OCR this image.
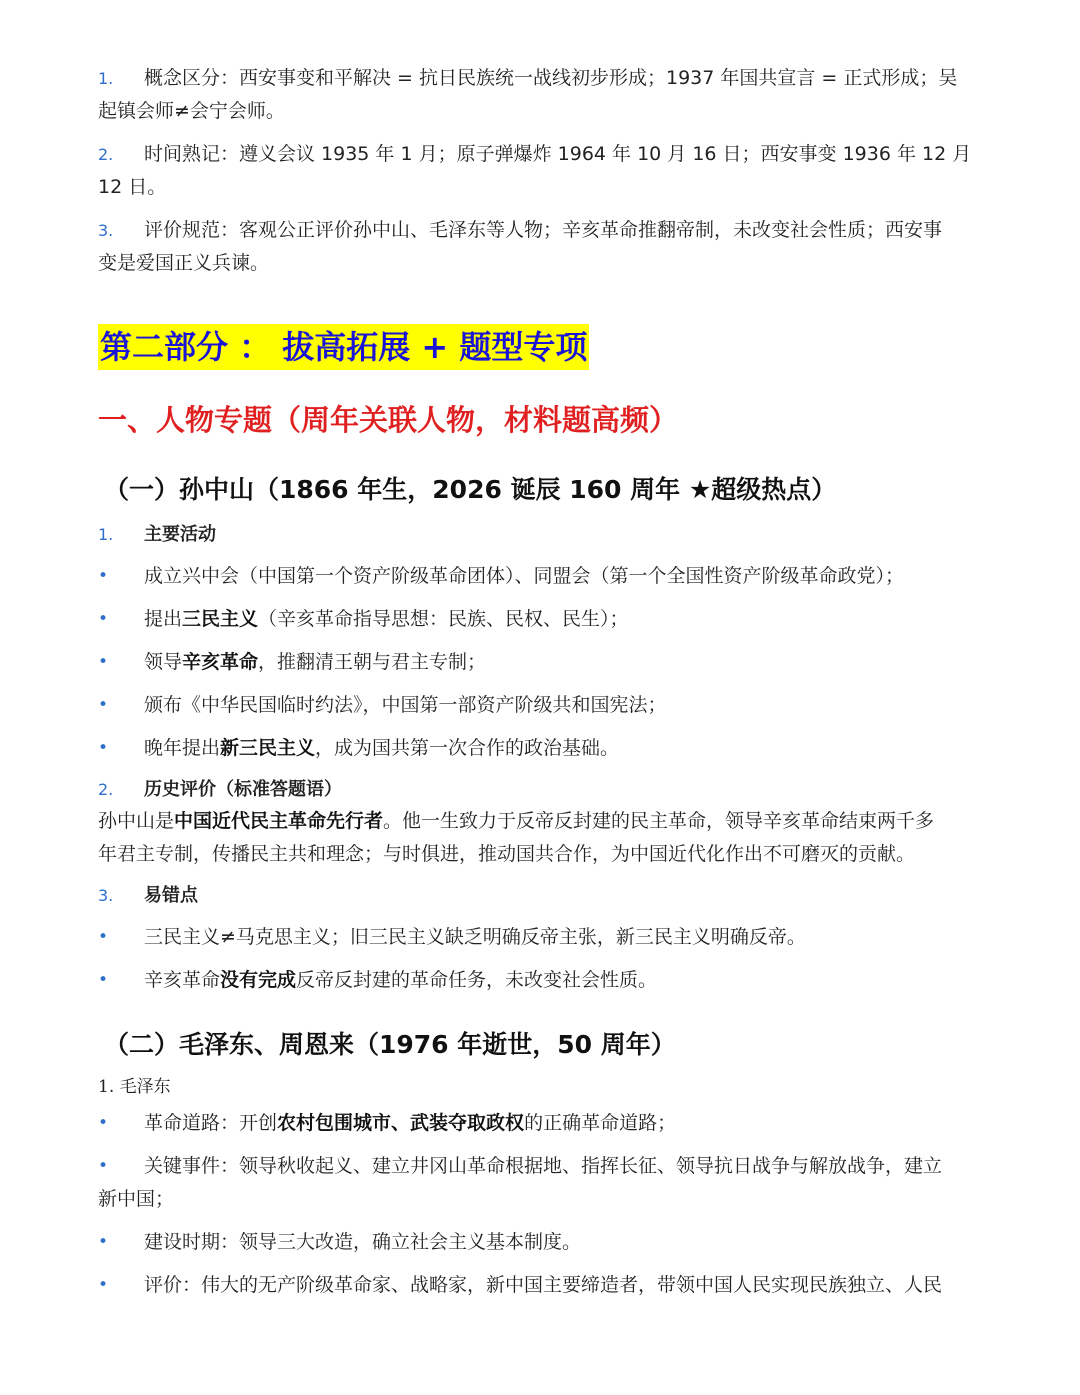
1.	概念区分：西安事变和平解决 = 抗日民族统一战线初步形成；1937 年国共宣言 = 正式形成；吴
起镇会师≠会宁会师。
2.	时间熟记：遵义会议 1935 年 1 月；原子弹爆炸 1964 年 10 月 16 日；西安事变 1936 年 12 月
12 日。
3.	评价规范：客观公正评价孙中山、毛泽东等人物；辛亥革命推翻帝制，未改变社会性质；西安事
变是爱国正义兵谏。
第二部分 ： 拔高拓展 + 题型专项
一、人物专题（周年关联人物，材料题高频）
（一）孙中山（1866 年生，2026 诞辰 160 周年 ★超级热点）
1. 主要活动
• 成立兴中会（中国第一个资产阶级革命团体）、同盟会（第一个全国性资产阶级革命政党）；
• 提出三民主义（辛亥革命指导思想：民族、民权、民生）；
• 领导辛亥革命，推翻清王朝与君主专制；
• 颁布《中华民国临时约法》，中国第一部资产阶级共和国宪法；
• 晚年提出新三民主义，成为国共第一次合作的政治基础。
2. 历史评价（标准答题语）
孙中山是中国近代民主革命先行者。他一生致力于反帝反封建的民主革命，领导辛亥革命结束两千多
年君主专制，传播民主共和理念；与时俱进，推动国共合作，为中国近代化作出不可磨灭的贡献。
3. 易错点
• 三民主义≠马克思主义；旧三民主义缺乏明确反帝主张，新三民主义明确反帝。
• 辛亥革命没有完成反帝反封建的革命任务，未改变社会性质。
（二）毛泽东、周恩来（1976 年逝世，50 周年）
1. 毛泽东
• 革命道路：开创农村包围城市、武装夺取政权的正确革命道路；
•	关键事件：领导秋收起义、建立井冈山革命根据地、指挥长征、领导抗日战争与解放战争，建立
新中国；
• 建设时期：领导三大改造，确立社会主义基本制度。
• 评价：伟大的无产阶级革命家、战略家，新中国主要缔造者，带领中国人民实现民族独立、人民
